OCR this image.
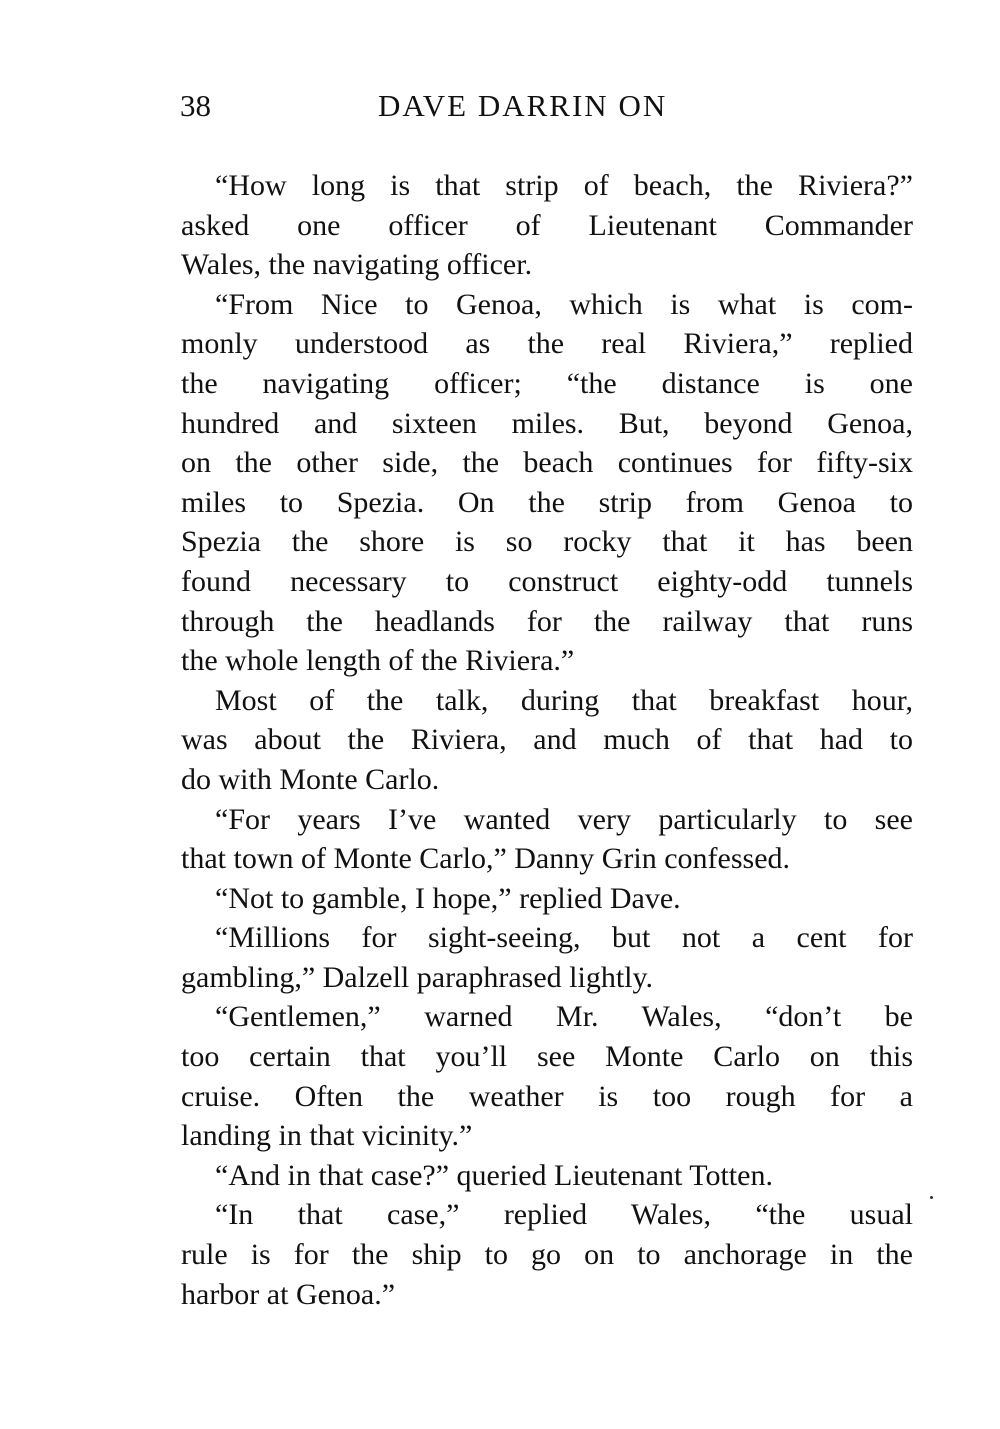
38	DAVE DARRIN ON
“How long is that strip of beach, the Riviera?”
asked one officer of Lieutenant Commander
Wales, the navigating officer.
“From Nice to Genoa, which is what is com-
monly understood as the real Riviera,” replied
the navigating officer; “the distance is one
hundred and sixteen miles. But, beyond Genoa,
on the other side, the beach continues for fifty-six
miles to Spezia. On the strip from Genoa to
Spezia the shore is so rocky that it has been
found necessary to construct eighty-odd tunnels
through the headlands for the railway that runs
the whole length of the Riviera.”
Most of the talk, during that breakfast hour,
was about the Riviera, and much of that had to
do with Monte Carlo.
“For years I’ve wanted very particularly to see
that town of Monte Carlo,” Danny Grin confessed.
“Not to gamble, I hope,” replied Dave.
“Millions for sight-seeing, but not a cent for
gambling,” Dalzell paraphrased lightly.
“Gentlemen,” warned Mr. Wales, “don’t be
too certain that you’ll see Monte Carlo on this
cruise. Often the weather is too rough for a
landing in that vicinity.”
“And in that case?” queried Lieutenant Totten.
“In that case,” replied Wales, “the usual
rule is for the ship to go on to anchorage in the
harbor at Genoa.”
